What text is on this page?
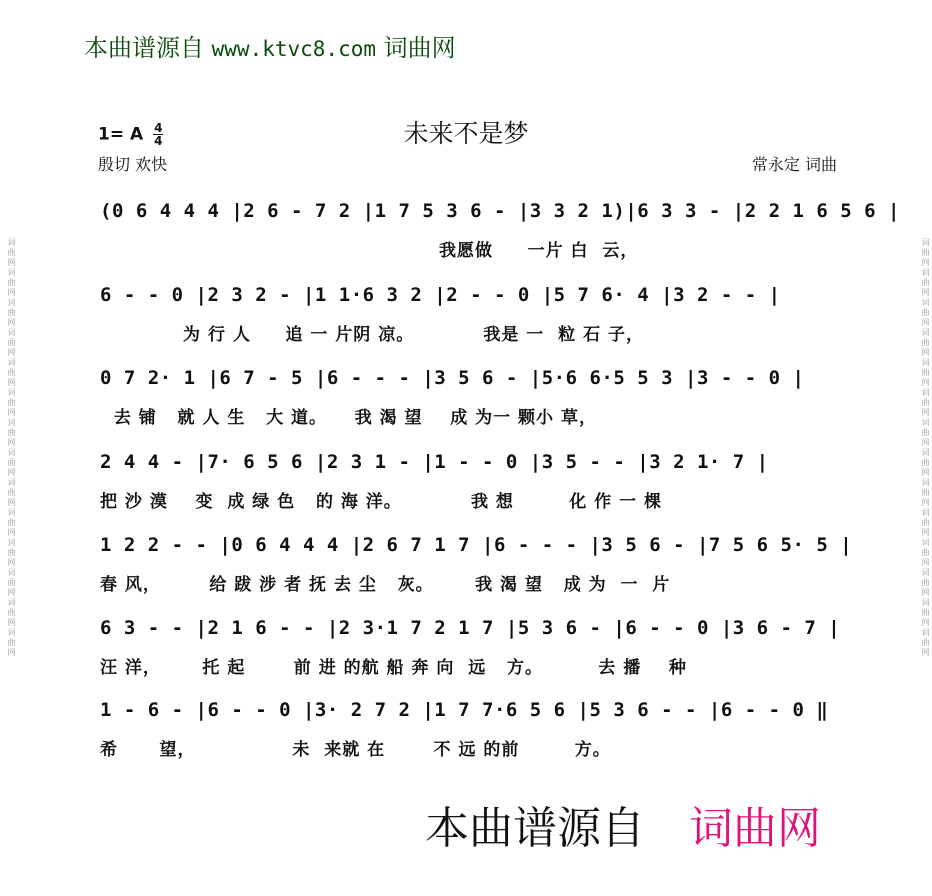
词曲网词曲网词曲网词曲网词曲网词曲网词曲网词曲网词曲网词曲网词曲网词曲网词曲网词曲网	词曲网词曲网词曲网词曲网词曲网词曲网词曲网词曲网词曲网词曲网词曲网词曲网词曲网词曲网
本曲谱源自 www.ktvc8.com 词曲网
未来不是梦
1= A $\frac{4}{4}$
殷切 欢快	常永定 词曲
(0 6 4 4 4 |2 6 - 7 2 |1 7 5 3 6 - |3 3 2 1)|6 3 3 - |2 2 1 6 5 6 |
我愿做     一片 白  云，
6 - - 0 |2 3 2 - |1 1·6 3 2 |2 - - 0 |5 7 6· 4 |3 2 - - |
为 行 人     追 一 片阴 凉。          我是 一  粒 石 子，
0 7 2· 1 |6 7 - 5 |6 - - - |3 5 6 - |5·6 6·5 5 3 |3 - - 0 |
去 铺   就 人 生   大 道。    我 渴 望    成 为一 颗小 草，
2 4 4 - |7· 6 5 6 |2 3 1 - |1 - - 0 |3 5 - - |3 2 1· 7 |
把 沙 漠    变  成 绿 色   的 海 洋。          我 想        化 作 一 棵
1 2 2 - - |0 6 4 4 4 |2 6 7 1 7 |6 - - - |3 5 6 - |7 5 6 5· 5 |
春 风，       给 跋 涉 者 抚 去 尘   灰。      我 渴 望   成 为  一  片
6 3 - - |2 1 6 - - |2 3·1 7 2 1 7 |5 3 6 - |6 - - 0 |3 6 - 7 |
汪 洋，      托 起       前 进 的航 船 奔 向  远   方。        去 播    种
1 - 6 - |6 - - 0 |3· 2 7 2 |1 7 7·6 5 6 |5 3 6 - - |6 - - 0 ‖
希      望，              未  来就 在       不 远 的前        方。
本曲谱源自 词曲网
